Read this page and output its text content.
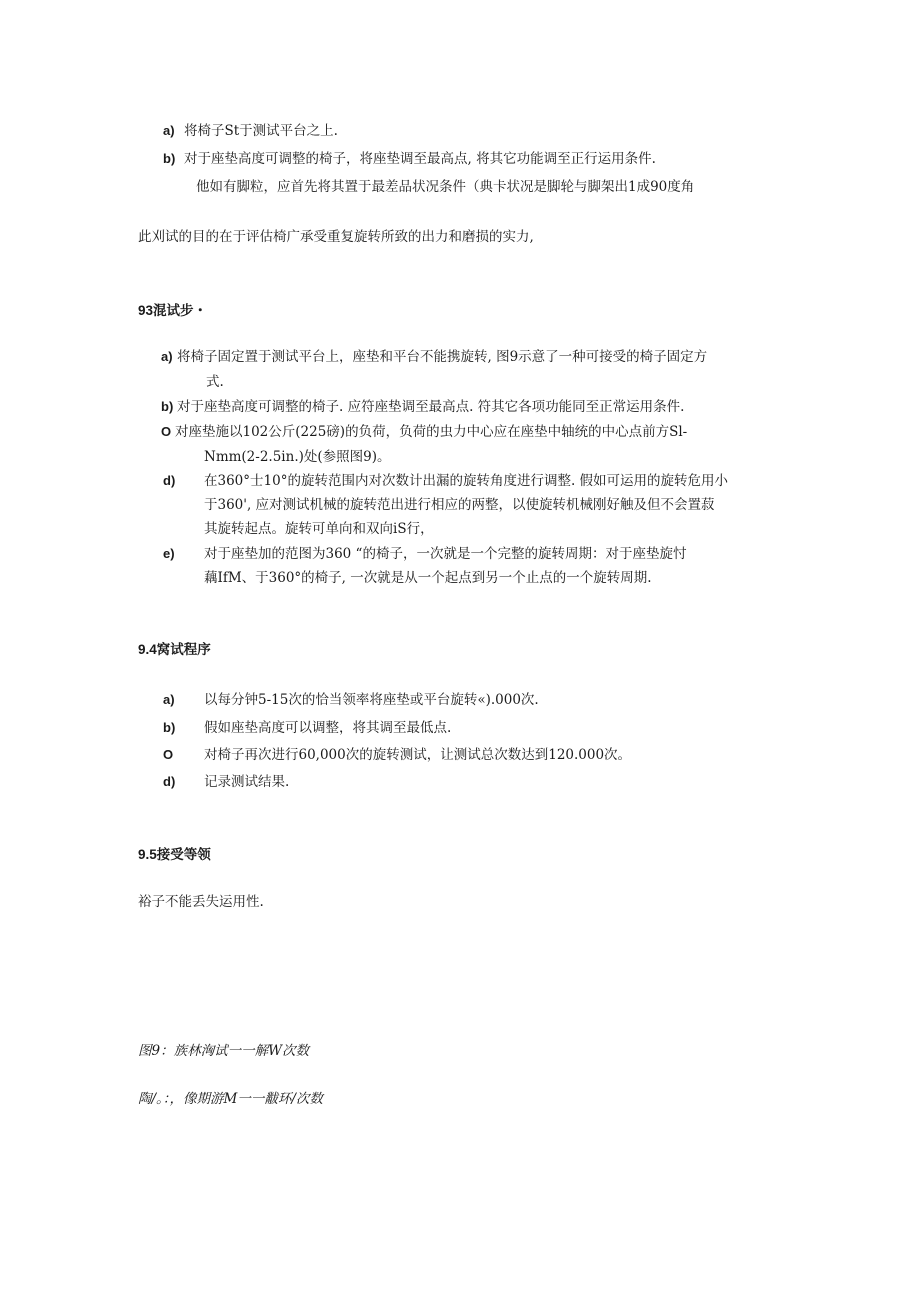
a) 将椅子St于测试平台之上.
b) 对于座垫高度可调整的椅子，将座垫调至最高点, 将其它功能调至正行运用条件.
他如有脚粒，应首先将其置于最差品状况条件（典卡状况是脚轮与脚架出1成90度角
此刈试的目的在于评估椅广承受重复旋转所致的出力和磨损的实力,
93混试步・
a) 将椅子固定置于测试平台上，座垫和平台不能携旋转, 图9示意了一种可接受的椅子固定方
式.
b) 对于座垫高度可调整的椅子. 应符座垫调至最高点. 符其它各项功能同至正常运用条件.
O 对座垫施以102公斤(225磅)的负荷，负荷的虫力中心应在座垫中轴统的中心点前方Sl-
Nmm(2-2.5in.)处(参照图9)。
d) 在360°士10°的旋转范围内对次数计出漏的旋转角度进行调整. 假如可运用的旋转危用小
于360', 应对测试机械的旋转范出进行相应的两整，以使旋转机械刚好触及但不会置菽
其旋转起点。旋转可单向和双向iS行，
e) 对于座垫加的范图为360 “的椅子，一次就是一个完整的旋转周期：对于座垫旋忖
藕IfM、于360°的椅子, 一次就是从一个起点到另一个止点的一个旋转周期.
9.4窝试程序
a) 以每分钟5-15次的恰当领率将座垫或平台旋转«).000次.
b) 假如座垫高度可以调整，将其调至最低点.
O 对椅子再次进行60,000次的旋转测试，让测试总次数达到120.000次。
d) 记录测试结果.
9.5接受等领
裕子不能丢失运用性.
图9：族林洶试一一解W次数
陶/。：，像期游M一一黻环/次数
